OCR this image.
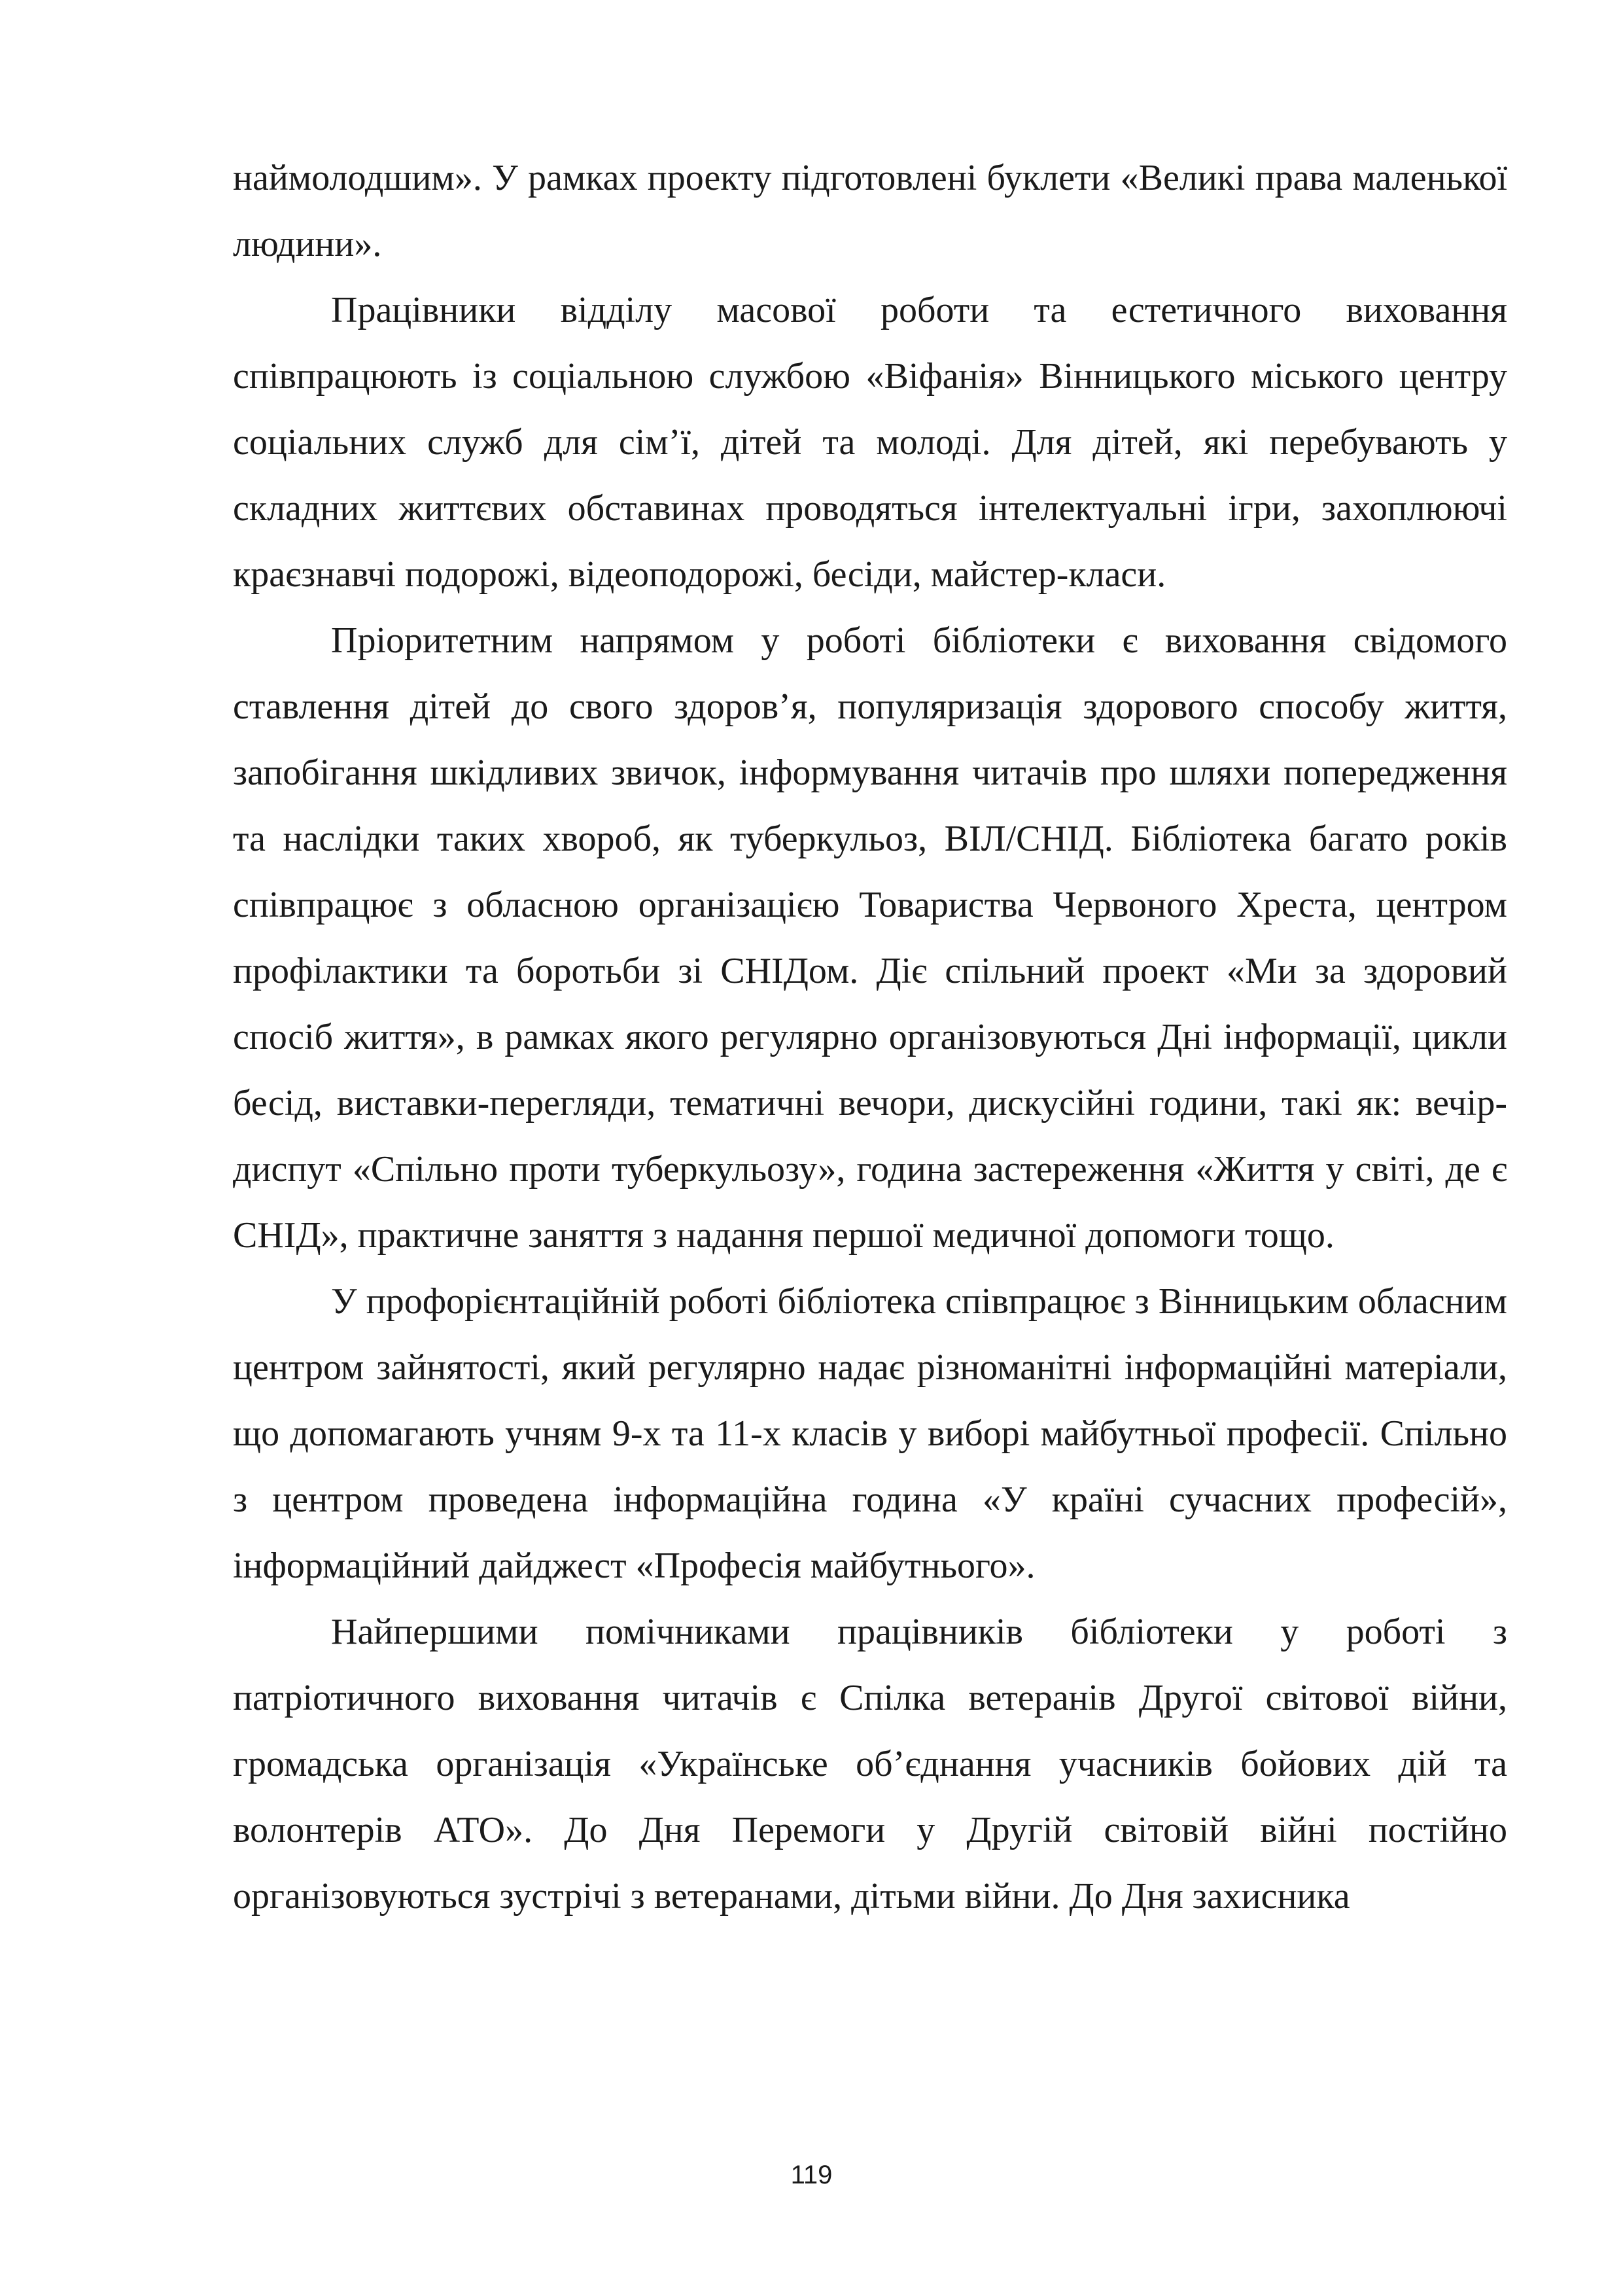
наймолодшим». У рамках проекту підготовлені буклети «Великі права маленької людини».

Працівники відділу масової роботи та естетичного виховання співпрацюють із соціальною службою «Віфанія» Вінницького міського центру соціальних служб для сім’ї, дітей та молоді. Для дітей, які перебувають у складних життєвих обставинах проводяться інтелектуальні ігри, захоплюючі краєзнавчі подорожі, відеоподорожі, бесіди, майстер-класи.

Пріоритетним напрямом у роботі бібліотеки є виховання свідомого ставлення дітей до свого здоров’я, популяризація здорового способу життя, запобігання шкідливих звичок, інформування читачів про шляхи попередження та наслідки таких хвороб, як туберкульоз, ВІЛ/СНІД. Бібліотека багато років співпрацює з обласною організацією Товариства Червоного Хреста, центром профілактики та боротьби зі СНІДом. Діє спільний проект «Ми за здоровий спосіб життя», в рамках якого регулярно організовуються Дні інформації, цикли бесід, виставки-перегляди, тематичні вечори, дискусійні години, такі як: вечір-диспут «Спільно проти туберкульозу», година застереження «Життя у світі, де є СНІД», практичне заняття з надання першої медичної допомоги тощо.

У профорієнтаційній роботі бібліотека співпрацює з Вінницьким обласним центром зайнятості, який регулярно надає різноманітні інформаційні матеріали, що допомагають учням 9-х та 11-х класів у виборі майбутньої професії. Спільно з центром проведена інформаційна година «У країні сучасних професій», інформаційний дайджест «Професія майбутнього».

Найпершими помічниками працівників бібліотеки у роботі з патріотичного виховання читачів є Спілка ветеранів Другої світової війни, громадська організація «Українське об’єднання учасників бойових дій та волонтерів АТО». До Дня Перемоги у Другій світовій війні постійно організовуються зустрічі з ветеранами, дітьми війни. До Дня захисника

119
